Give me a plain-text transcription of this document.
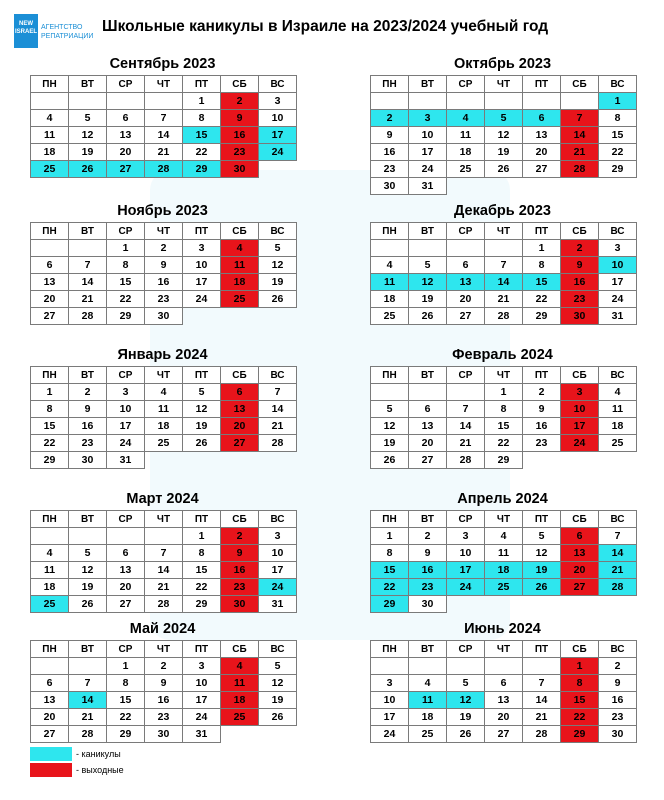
NEW ISRAEL
АГЕНТСТВО РЕПАТРИАЦИИ
Школьные каникулы в Израиле на 2023/2024 учебный год
Сентябрь 2023
ПН	ВТ	СР	ЧТ	ПТ	СБ	ВС
				1	2	3
4	5	6	7	8	9	10
11	12	13	14	15	16	17
18	19	20	21	22	23	24
25	26	27	28	29	30	
Октябрь 2023
ПН	ВТ	СР	ЧТ	ПТ	СБ	ВС
						1
2	3	4	5	6	7	8
9	10	11	12	13	14	15
16	17	18	19	20	21	22
23	24	25	26	27	28	29
30	31					
Ноябрь 2023
ПН	ВТ	СР	ЧТ	ПТ	СБ	ВС
		1	2	3	4	5
6	7	8	9	10	11	12
13	14	15	16	17	18	19
20	21	22	23	24	25	26
27	28	29	30			
Декабрь 2023
ПН	ВТ	СР	ЧТ	ПТ	СБ	ВС
				1	2	3
4	5	6	7	8	9	10
11	12	13	14	15	16	17
18	19	20	21	22	23	24
25	26	27	28	29	30	31
Январь 2024
ПН	ВТ	СР	ЧТ	ПТ	СБ	ВС
1	2	3	4	5	6	7
8	9	10	11	12	13	14
15	16	17	18	19	20	21
22	23	24	25	26	27	28
29	30	31				
Февраль 2024
ПН	ВТ	СР	ЧТ	ПТ	СБ	ВС
			1	2	3	4
5	6	7	8	9	10	11
12	13	14	15	16	17	18
19	20	21	22	23	24	25
26	27	28	29			
Март 2024
ПН	ВТ	СР	ЧТ	ПТ	СБ	ВС
				1	2	3
4	5	6	7	8	9	10
11	12	13	14	15	16	17
18	19	20	21	22	23	24
25	26	27	28	29	30	31
Апрель 2024
ПН	ВТ	СР	ЧТ	ПТ	СБ	ВС
1	2	3	4	5	6	7
8	9	10	11	12	13	14
15	16	17	18	19	20	21
22	23	24	25	26	27	28
29	30					
Май 2024
ПН	ВТ	СР	ЧТ	ПТ	СБ	ВС
		1	2	3	4	5
6	7	8	9	10	11	12
13	14	15	16	17	18	19
20	21	22	23	24	25	26
27	28	29	30	31		
Июнь 2024
ПН	ВТ	СР	ЧТ	ПТ	СБ	ВС
					1	2
3	4	5	6	7	8	9
10	11	12	13	14	15	16
17	18	19	20	21	22	23
24	25	26	27	28	29	30
- каникулы
- выходные
